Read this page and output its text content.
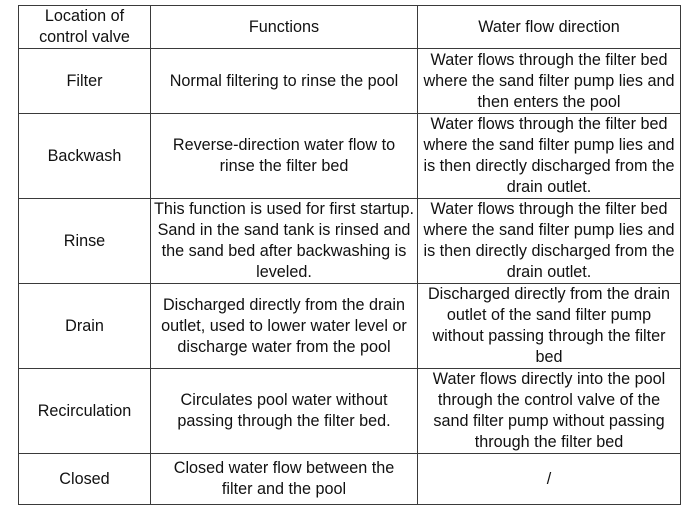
Location of control valve	Functions	Water flow direction

Filter	Normal filtering to rinse the pool	Water flows through the filter bed where the sand filter pump lies and then enters the pool

Backwash	Reverse-direction water flow to rinse the filter bed	Water flows through the filter bed where the sand filter pump lies and is then directly discharged from the drain outlet.

Rinse	This function is used for first startup. Sand in the sand tank is rinsed and the sand bed after backwashing is leveled.	Water flows through the filter bed where the sand filter pump lies and is then directly discharged from the drain outlet.

Drain	Discharged directly from the drain outlet, used to lower water level or discharge water from the pool	Discharged directly from the drain outlet of the sand filter pump without passing through the filter bed

Recirculation	Circulates pool water without passing through the filter bed.	Water flows directly into the pool through the control valve of the sand filter pump without passing through the filter bed

Closed	Closed water flow between the filter and the pool	/
